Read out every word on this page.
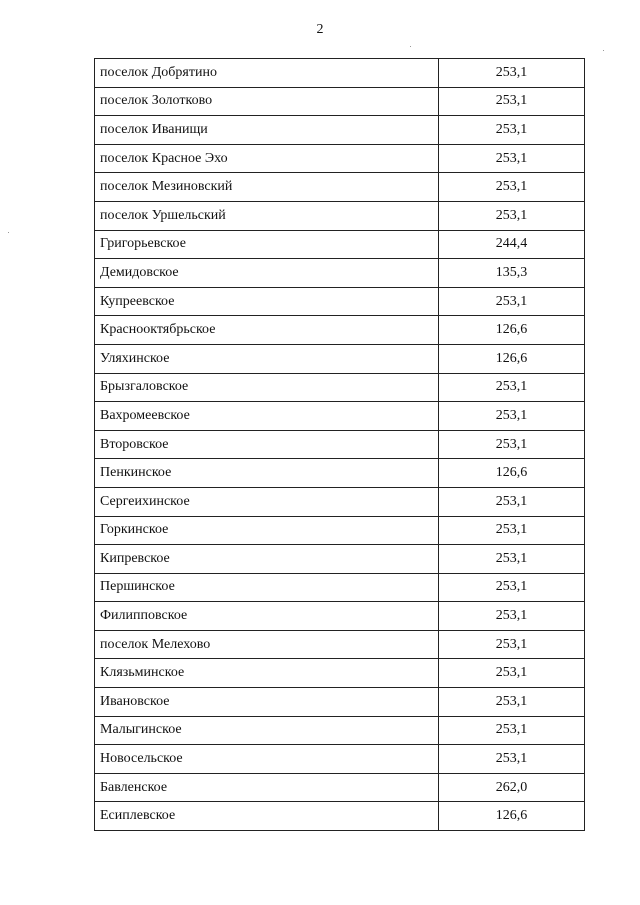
2
поселок Добрятино	253,1
поселок Золотково	253,1
поселок Иванищи	253,1
поселок Красное Эхо	253,1
поселок Мезиновский	253,1
поселок Уршельский	253,1
Григорьевское	244,4
Демидовское	135,3
Купреевское	253,1
Краснооктябрьское	126,6
Уляхинское	126,6
Брызгаловское	253,1
Вахромеевское	253,1
Второвское	253,1
Пенкинское	126,6
Сергеихинское	253,1
Горкинское	253,1
Кипревское	253,1
Першинское	253,1
Филипповское	253,1
поселок Мелехово	253,1
Клязьминское	253,1
Ивановское	253,1
Малыгинское	253,1
Новосельское	253,1
Бавленское	262,0
Есиплевское	126,6
